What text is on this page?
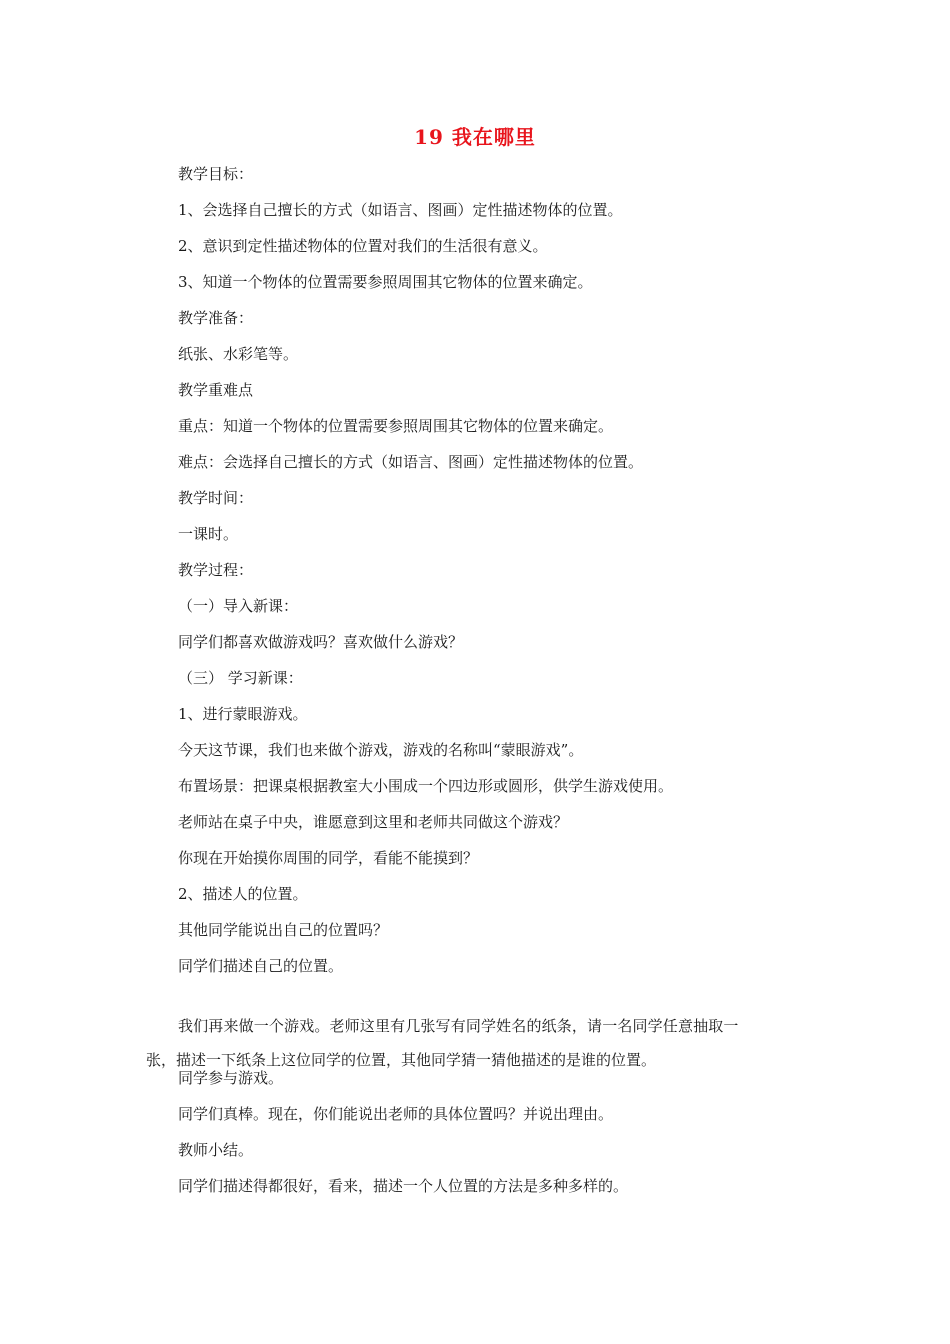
19 我在哪里
教学目标：
1、会选择自己擅长的方式（如语言、图画）定性描述物体的位置。
2、意识到定性描述物体的位置对我们的生活很有意义。
3、知道一个物体的位置需要参照周围其它物体的位置来确定。
教学准备：
纸张、水彩笔等。
教学重难点
重点：知道一个物体的位置需要参照周围其它物体的位置来确定。
难点：会选择自己擅长的方式（如语言、图画）定性描述物体的位置。
教学时间：
一课时。
教学过程：
（一）导入新课：
同学们都喜欢做游戏吗？喜欢做什么游戏？
（三） 学习新课：
1、进行蒙眼游戏。
今天这节课，我们也来做个游戏，游戏的名称叫“蒙眼游戏”。
布置场景：把课桌根据教室大小围成一个四边形或圆形，供学生游戏使用。
老师站在桌子中央，谁愿意到这里和老师共同做这个游戏？
你现在开始摸你周围的同学，看能不能摸到？
2、描述人的位置。
其他同学能说出自己的位置吗？
同学们描述自己的位置。
我们再来做一个游戏。老师这里有几张写有同学姓名的纸条，请一名同学任意抽取一
张，描述一下纸条上这位同学的位置，其他同学猜一猜他描述的是谁的位置。
同学参与游戏。
同学们真棒。现在，你们能说出老师的具体位置吗？并说出理由。
教师小结。
同学们描述得都很好，看来，描述一个人位置的方法是多种多样的。
